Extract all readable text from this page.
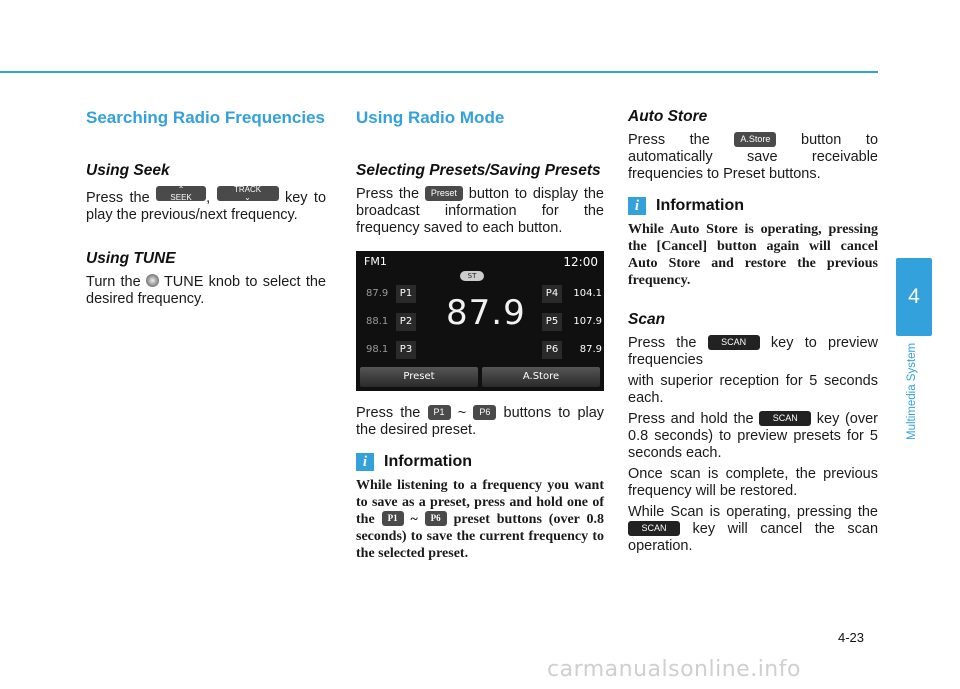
Searching Radio Frequencies
Using Seek

Press the ⌃
SEEK , TRACK
⌄ key to play the previous/next frequency.

Using TUNE

Turn the TUNE knob to select the desired frequency.

Using Radio Mode
Selecting Presets/Saving Presets

Press the Preset button to display the broadcast information for the frequency saved to each button.

FM1	12:00
ST
87.9
87.9 P1
88.1 P2
98.1 P3
P4 104.1
P5 107.9
P6 87.9
Preset	A.Store

Press the P1 ~ P6 buttons to play the desired preset.

i	Information

While listening to a frequency you want to save as a preset, press and hold one of the P1 ~ P6 preset buttons (over 0.8 seconds) to save the current frequency to the selected preset.

Auto Store

Press the	A.Store button to automatically save receivable frequencies to Preset buttons.

i	Information

While Auto Store is operating, pressing the [Cancel] button again will cancel Auto Store and restore the previous frequency.

Scan

Press the	SCAN key to preview frequencies

with superior reception for 5 seconds each.

Press and hold the SCAN key (over 0.8 seconds) to preview presets for 5 seconds each.

Once scan is complete, the previous frequency will be restored.

While Scan is operating, pressing the SCAN key will cancel the scan operation.

4
Multimedia System
4-23
carmanualsonline.info
